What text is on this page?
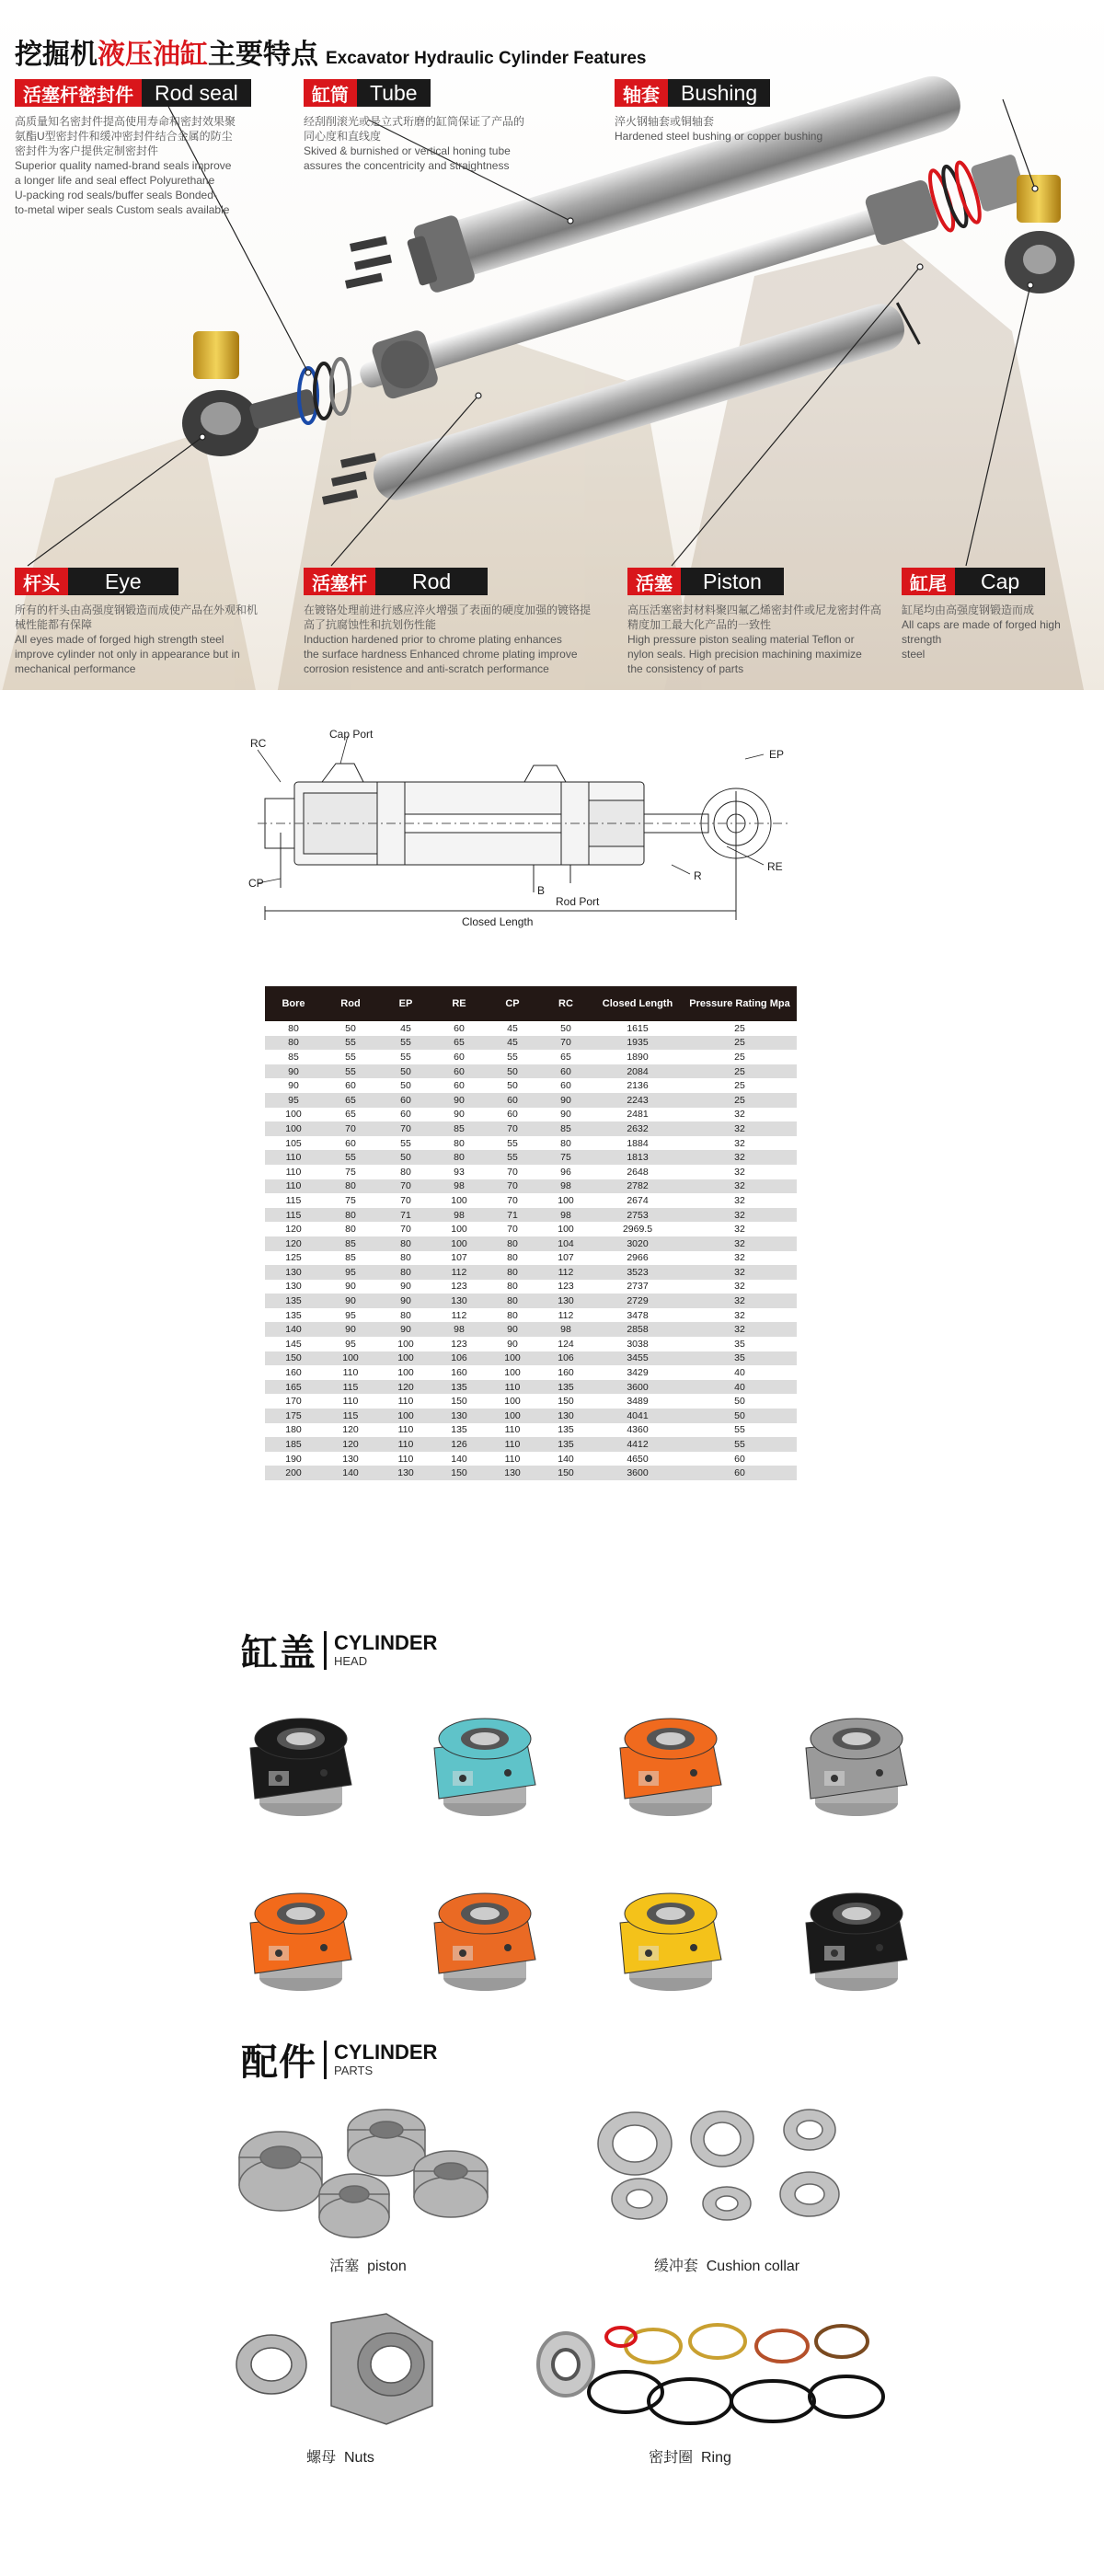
挖掘机液压油缸主要特点 Excavator Hydraulic Cylinder Features
活塞杆密封件	Rod seal
高质量知名密封件提高使用寿命和密封效果聚
氨酯U型密封件和缓冲密封件结合金属的防尘
密封件为客户提供定制密封件
Superior quality named-brand seals improve
a longer life and seal effect Polyurethane
U-packing rod seals/buffer seals Bonded-
to-metal wiper seals Custom seals available
缸筒	Tube
经刮削滚光或是立式珩磨的缸筒保证了产品的
同心度和直线度
Skived & burnished or vertical honing tube
assures the concentricity and straightness
轴套	Bushing
淬火钢轴套或铜轴套
Hardened steel bushing or copper bushing
杆头	Eye
所有的杆头由高强度钢锻造而成使产品在外观和机
械性能都有保障
All eyes made of forged high strength steel
improve cylinder not only in appearance but in
mechanical performance
活塞杆	Rod
在镀铬处理前进行感应淬火增强了表面的硬度加强的镀铬提
高了抗腐蚀性和抗划伤性能
Induction hardened prior to chrome plating enhances
the surface hardness Enhanced chrome plating improve
corrosion resistence and anti-scratch performance
活塞	Piston
高压活塞密封材料聚四氟乙烯密封件或尼龙密封件高
精度加工最大化产品的一致性
High pressure piston sealing material Teflon or
nylon seals. High precision machining maximize
the consistency of parts
缸尾	Cap
缸尾均由高强度钢锻造而成
All caps are made of forged high strength
steel
RC
Cap Port
EP
RE
CP
B
Rod Port
R
Closed Length
Bore	Rod	EP	RE	CP	RC	Closed Length	Pressure Rating Mpa
80	50	45	60	45	50	1615	25
80	55	55	65	45	70	1935	25
85	55	55	60	55	65	1890	25
90	55	50	60	50	60	2084	25
90	60	50	60	50	60	2136	25
95	65	60	90	60	90	2243	25
100	65	60	90	60	90	2481	32
100	70	70	85	70	85	2632	32
105	60	55	80	55	80	1884	32
110	55	50	80	55	75	1813	32
110	75	80	93	70	96	2648	32
110	80	70	98	70	98	2782	32
115	75	70	100	70	100	2674	32
115	80	71	98	71	98	2753	32
120	80	70	100	70	100	2969.5	32
120	85	80	100	80	104	3020	32
125	85	80	107	80	107	2966	32
130	95	80	112	80	112	3523	32
130	90	90	123	80	123	2737	32
135	90	90	130	80	130	2729	32
135	95	80	112	80	112	3478	32
140	90	90	98	90	98	2858	32
145	95	100	123	90	124	3038	35
150	100	100	106	100	106	3455	35
160	110	100	160	100	160	3429	40
165	115	120	135	110	135	3600	40
170	110	110	150	100	150	3489	50
175	115	100	130	100	130	4041	50
180	120	110	135	110	135	4360	55
185	120	110	126	110	135	4412	55
190	130	110	140	110	140	4650	60
200	140	130	150	130	150	3600	60
缸盖 CYLINDER
HEAD
配件 CYLINDER
PARTS
活塞 piston	缓冲套 Cushion collar
螺母 Nuts	密封圈 Ring
